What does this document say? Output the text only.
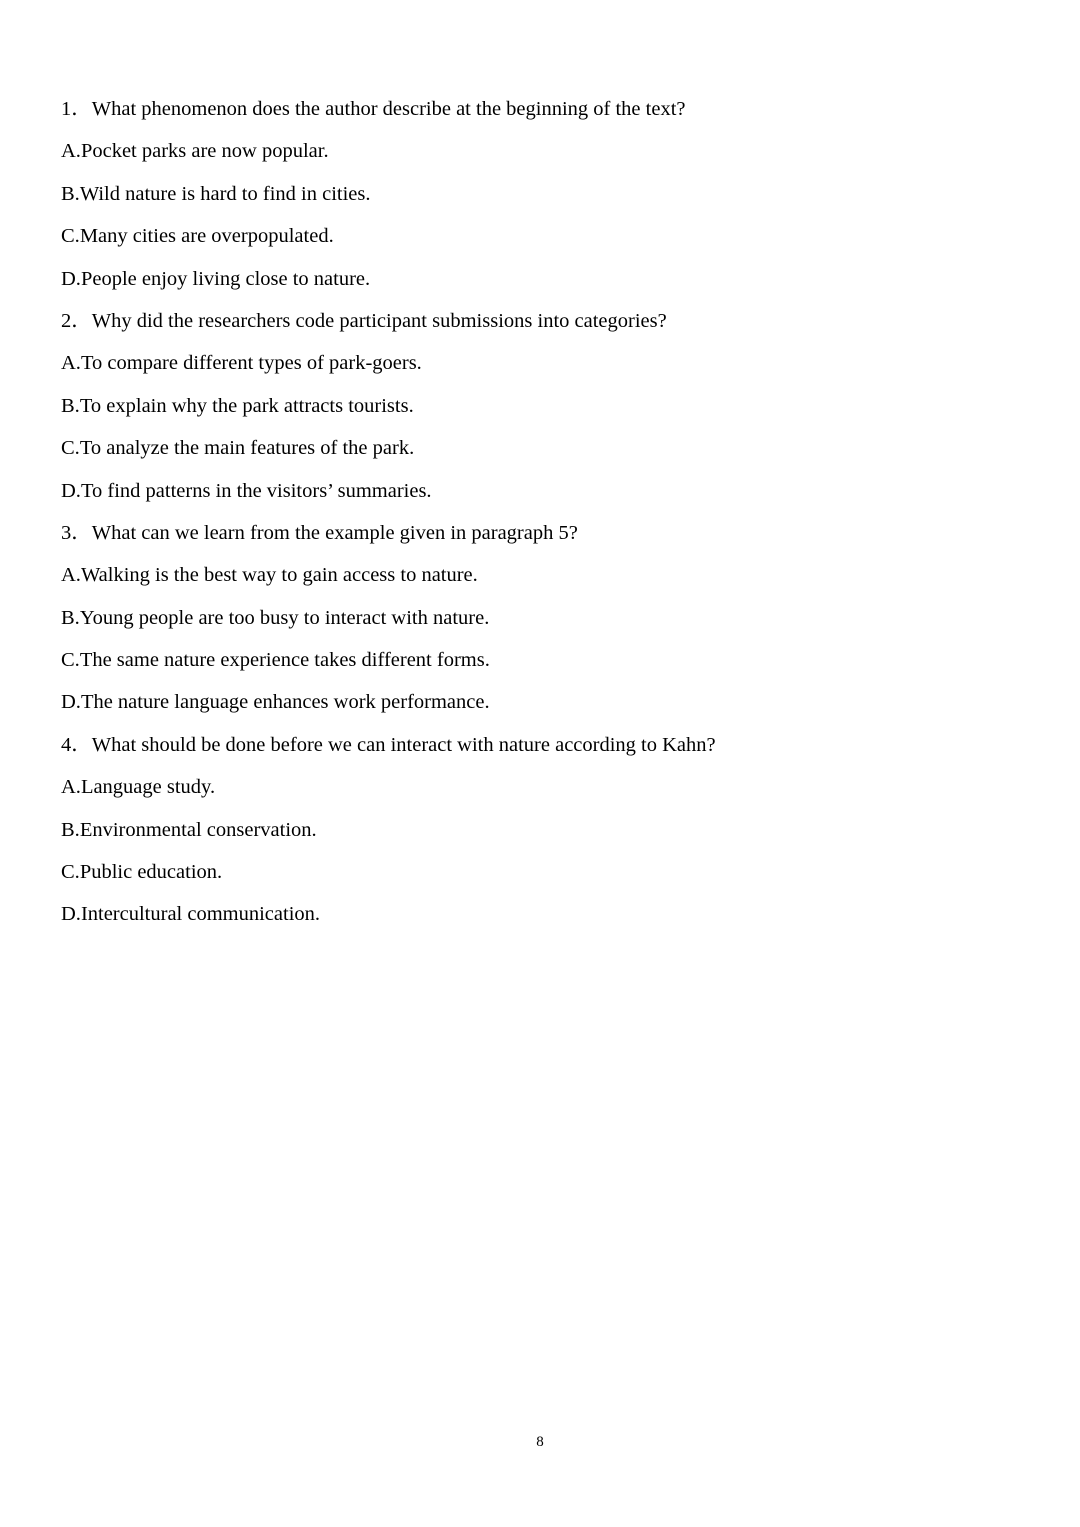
1．What phenomenon does the author describe at the beginning of the text?
A.Pocket parks are now popular.
B.Wild nature is hard to find in cities.
C.Many cities are overpopulated.
D.People enjoy living close to nature.
2．Why did the researchers code participant submissions into categories?
A.To compare different types of park-goers.
B.To explain why the park attracts tourists.
C.To analyze the main features of the park.
D.To find patterns in the visitors’ summaries.
3．What can we learn from the example given in paragraph 5?
A.Walking is the best way to gain access to nature.
B.Young people are too busy to interact with nature.
C.The same nature experience takes different forms.
D.The nature language enhances work performance.
4．What should be done before we can interact with nature according to Kahn?
A.Language study.
B.Environmental conservation.
C.Public education.
D.Intercultural communication.
8
